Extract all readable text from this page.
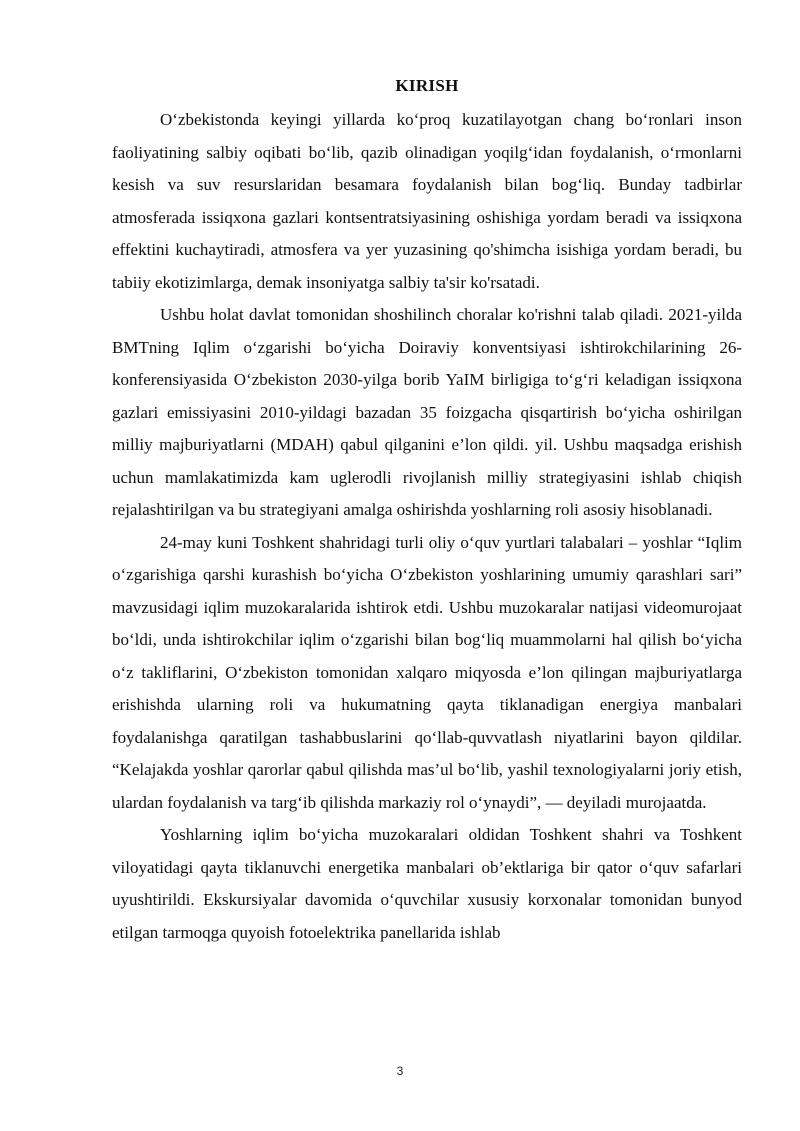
KIRISH

O‘zbekistonda keyingi yillarda ko‘proq kuzatilayotgan chang bo‘ronlari inson faoliyatining salbiy oqibati bo‘lib, qazib olinadigan yoqilg‘idan foydalanish, o‘rmonlarni kesish va suv resurslaridan besamara foydalanish bilan bog‘liq. Bunday tadbirlar atmosferada issiqxona gazlari kontsentratsiyasining oshishiga yordam beradi va issiqxona effektini kuchaytiradi, atmosfera va yer yuzasining qo'shimcha isishiga yordam beradi, bu tabiiy ekotizimlarga, demak insoniyatga salbiy ta'sir ko'rsatadi.

Ushbu holat davlat tomonidan shoshilinch choralar ko'rishni talab qiladi. 2021-yilda BMTning Iqlim o‘zgarishi bo‘yicha Doiraviy konventsiyasi ishtirokchilarining 26-konferensiyasida O‘zbekiston 2030-yilga borib YaIM birligiga to‘g‘ri keladigan issiqxona gazlari emissiyasini 2010-yildagi bazadan 35 foizgacha qisqartirish bo‘yicha oshirilgan milliy majburiyatlarni (MDAH) qabul qilganini e’lon qildi. yil. Ushbu maqsadga erishish uchun mamlakatimizda kam uglerodli rivojlanish milliy strategiyasini ishlab chiqish rejalashtirilgan va bu strategiyani amalga oshirishda yoshlarning roli asosiy hisoblanadi.

24-may kuni Toshkent shahridagi turli oliy o‘quv yurtlari talabalari – yoshlar “Iqlim o‘zgarishiga qarshi kurashish bo‘yicha O‘zbekiston yoshlarining umumiy qarashlari sari” mavzusidagi iqlim muzokaralarida ishtirok etdi. Ushbu muzokaralar natijasi videomurojaat bo‘ldi, unda ishtirokchilar iqlim o‘zgarishi bilan bog‘liq muammolarni hal qilish bo‘yicha o‘z takliflarini, O‘zbekiston tomonidan xalqaro miqyosda e’lon qilingan majburiyatlarga erishishda ularning roli va hukumatning qayta tiklanadigan energiya manbalari foydalanishga qaratilgan tashabbuslarini qo‘llab-quvvatlash niyatlarini bayon qildilar. “Kelajakda yoshlar qarorlar qabul qilishda mas’ul bo‘lib, yashil texnologiyalarni joriy etish, ulardan foydalanish va targ‘ib qilishda markaziy rol o‘ynaydi”, — deyiladi murojaatda.

Yoshlarning iqlim bo‘yicha muzokaralari oldidan Toshkent shahri va Toshkent viloyatidagi qayta tiklanuvchi energetika manbalari ob’ektlariga bir qator o‘quv safarlari uyushtirildi. Ekskursiyalar davomida o‘quvchilar xususiy korxonalar tomonidan bunyod etilgan tarmoqga quyoish fotoelektrika panellarida ishlab

3
